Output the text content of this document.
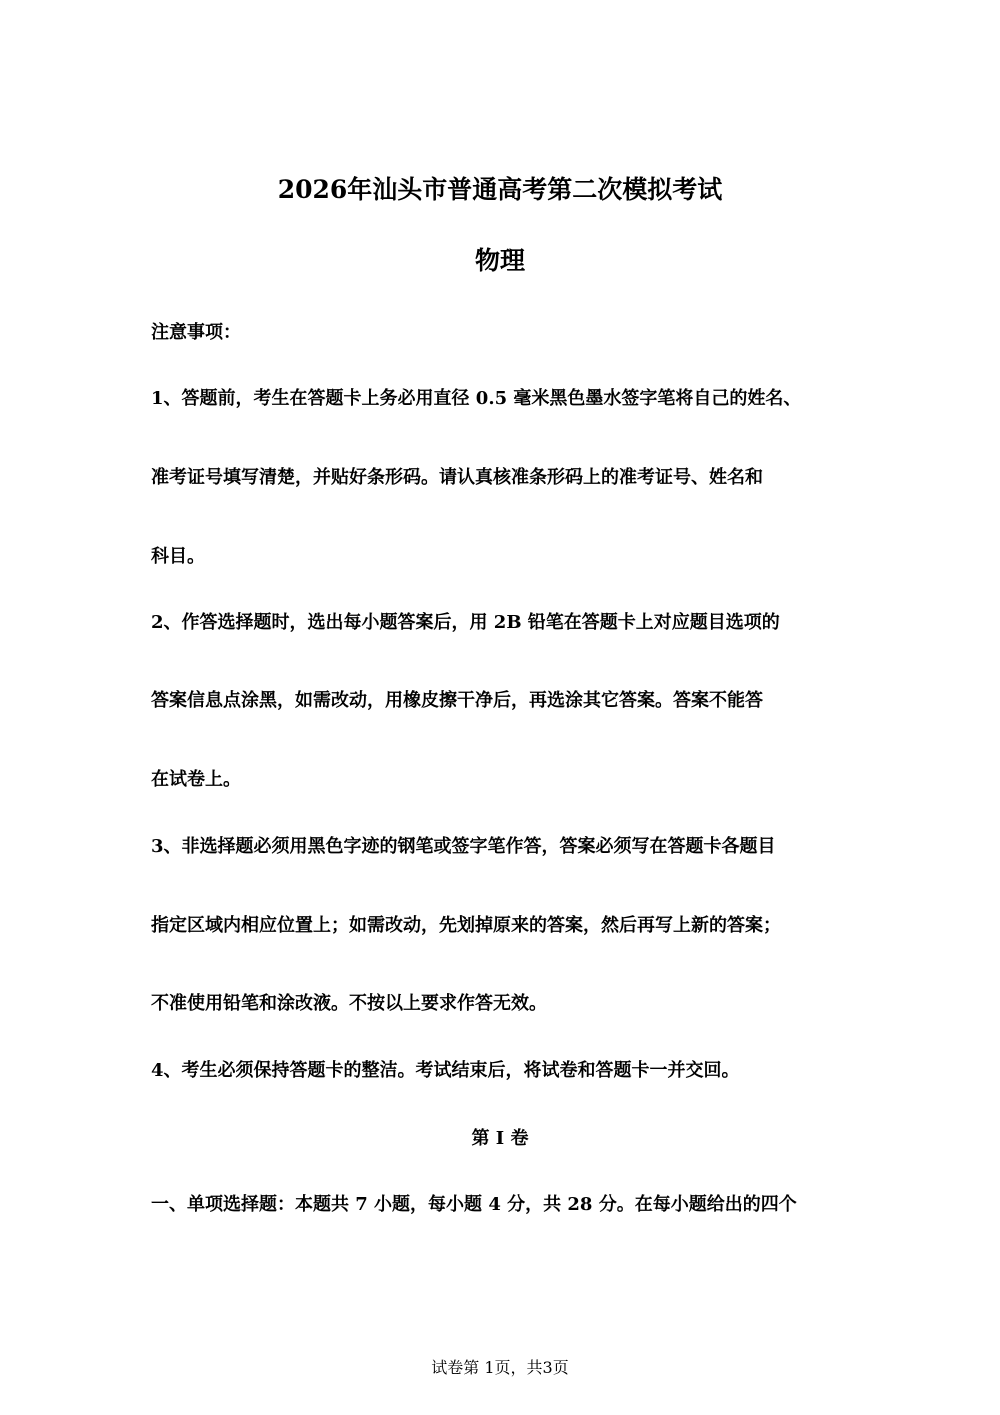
2026年汕头市普通高考第二次模拟考试
物理
注意事项：
1、答题前，考生在答题卡上务必用直径 0.5 毫米黑色墨水签字笔将自己的姓名、
准考证号填写清楚，并贴好条形码。请认真核准条形码上的准考证号、姓名和
科目。
2、作答选择题时，选出每小题答案后，用 2B 铅笔在答题卡上对应题目选项的
答案信息点涂黑，如需改动，用橡皮擦干净后，再选涂其它答案。答案不能答
在试卷上。
3、非选择题必须用黑色字迹的钢笔或签字笔作答，答案必须写在答题卡各题目
指定区域内相应位置上；如需改动，先划掉原来的答案，然后再写上新的答案；
不准使用铅笔和涂改液。不按以上要求作答无效。
4、考生必须保持答题卡的整洁。考试结束后，将试卷和答题卡一并交回。
第 I 卷
一、单项选择题：本题共 7 小题，每小题 4 分，共 28 分。在每小题给出的四个
试卷第 1页，共3页
